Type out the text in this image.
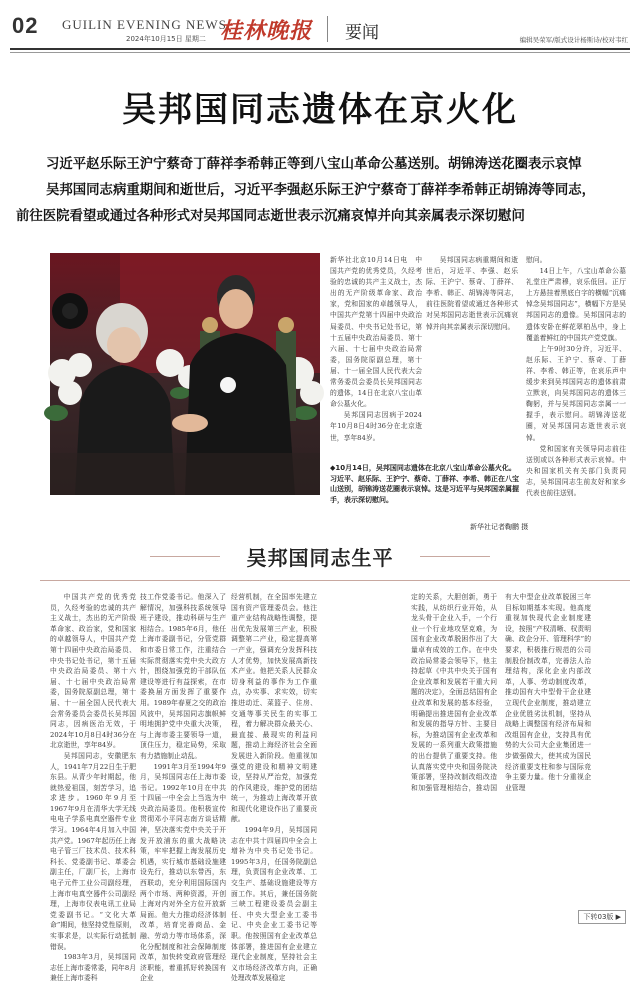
02 GUILIN EVENING NEWS
2024年10月15日 星期二 桂林晚报 要闻	编辑吴荣军/版式设计杨斯诗/校对韦红
吴邦国同志遗体在京火化
习近平赵乐际王沪宁蔡奇丁薛祥李希韩正等到八宝山革命公墓送别。胡锦涛送花圈表示哀悼
吴邦国同志病重期间和逝世后，习近平李强赵乐际王沪宁蔡奇丁薛祥李希韩正胡锦涛等同志，
前往医院看望或通过各种形式对吴邦国同志逝世表示沉痛哀悼并向其亲属表示深切慰问

新华社北京10月14日电　中国共产党的优秀党员，久经考验的忠诚的共产主义战士，杰出的无产阶级革命家、政治家，党和国家的卓越领导人，中国共产党第十四届中央政治局委员、中央书记处书记，第十五届中央政治局委员、第十六届、十七届中央政治局常委，国务院原副总理，第十届、十一届全国人民代表大会常务委员会委员长吴邦国同志的遗体，14日在北京八宝山革命公墓火化。

吴邦国同志因病于2024年10月8日4时36分在北京逝世，享年84岁。

吴邦国同志病重期间和逝世后，习近平、李强、赵乐际、王沪宁、蔡奇、丁薛祥、李希、韩正、胡锦涛等同志，前往医院看望或通过各种形式对吴邦国同志逝世表示沉痛哀悼并向其亲属表示深切慰问。

慰问。

14日上午，八宝山革命公墓礼堂庄严肃穆，哀乐低回。正厅上方悬挂着黑底白字的横幅“沉痛悼念吴邦国同志”，横幅下方是吴邦国同志的遗像。吴邦国同志的遗体安卧在鲜花翠柏丛中，身上覆盖着鲜红的中国共产党党旗。

上午9时30分许，习近平、赵乐际、王沪宁、蔡奇、丁薛祥、李希、韩正等，在哀乐声中缓步来到吴邦国同志的遗体前肃立默哀，向吴邦国同志的遗体三鞠躬，并与吴邦国同志亲属一一握手，表示慰问。胡锦涛送花圈，对吴邦国同志逝世表示哀悼。

党和国家有关领导同志前往送别或以各种形式表示哀悼。中央和国家机关有关部门负责同志，吴邦国同志生前友好和家乡代表也前往送别。

◆10月14日，吴邦国同志遗体在北京八宝山革命公墓火化。习近平、赵乐际、王沪宁、蔡奇、丁薛祥、李希、韩正在八宝山送别，胡锦涛送花圈表示哀悼。这是习近平与吴邦国亲属握手，表示深切慰问。
新华社记者鞠鹏 摄
吴邦国同志生平

中国共产党的优秀党员，久经考验的忠诚的共产主义战士，杰出的无产阶级革命家、政治家，党和国家的卓越领导人，中国共产党第十四届中央政治局委员、中央书记处书记，第十五届中央政治局委员、第十六届、十七届中央政治局常委，国务院原副总理，第十届、十一届全国人民代表大会常务委员会委员长吴邦国同志，因病医治无效，于2024年10月8日4时36分在北京逝世，享年84岁。

吴邦国同志，安徽肥东人，1941年7月22日生于肥东县。从青少年时期起，他就热爱祖国，刻苦学习，追求进步。1960年9月至1967年9月在清华大学无线电电子学系电真空器件专业学习。1964年4月加入中国共产党。1967年起历任上海电子管三厂技术员、技术科科长、党委副书记、革委会副主任，厂副厂长，上海市电子元件工业公司副经理，上海市电真空器件公司副经理，上海市仪表电讯工业局党委副书记。“文化大革命”期间，他坚持党性原则，实事求是，以实际行动抵制错误。

1983年3月，吴邦国同志任上海市委常委，同年8月兼任上海市委科

技工作党委书记。他深入了解情况，加强科技系统领导班子建设，推动科研与生产相结合。1985年6月，他任上海市委副书记，分管党群和市委日常工作，注重结合实际贯彻落实党中央大政方针，围绕加强党的干部队伍建设等进行有益探索，在市委换届方面发挥了重要作用。1989年春夏之交的政治风波中，吴邦国同志旗帜鲜明地拥护党中央重大决策，与上海市委主要领导一道，顶住压力，稳定局势，采取有力措施制止动乱。

1991年3月至1994年9月，吴邦国同志任上海市委书记。1992年10月在中共十四届一中全会上当选为中央政治局委员。他积极宣传贯彻邓小平同志南方谈话精神，坚决落实党中央关于开发开放浦东的重大战略决策，牢牢把握上海发展历史机遇，实行城市基础设施建设先行，推动以东带西，东西联动，充分利用国际国内两个市场、两种资源，开创上海对内对外全方位开放新局面。他大力推动经济体制改革，培育完善商品、金融、劳动力等市场体系，深化分配制度和社会保障制度改革，加快转变政府管理经济职能，着重抓好转换国有企业

经营机制，在全国率先建立国有资产管理委员会。他注重产业结构战略性调整，提出优先发展第三产业，积极调整第二产业，稳定提高第一产业，强调充分发挥科技人才优势，加快发展高新技术产业。他把关系人民群众切身利益的事作为工作重点，办实事、求实效，切实推进动迁、菜篮子、住房、交通等事关民生的实事工程，着力解决群众最关心、最直接、最现实的利益问题，推动上海经济社会全面发展进入新阶段。他重视加强党的建设和精神文明建设，坚持从严治党，加强党的作风建设，维护党的团结统一，为推动上海改革开放和现代化建设作出了重要贡献。

1994年9月，吴邦国同志在中共十四届四中全会上增补为中央书记处书记。1995年3月，任国务院副总理，负责国有企业改革、工交生产、基础设施建设等方面工作。其后，兼任国务院三峡工程建设委员会副主任、中央大型企业工委书记、中央企业工委书记等职。他按照国有企业改革总体部署，推进国有企业建立现代企业制度，坚持社会主义市场经济改革方向，正确处理改革发展稳定

定的关系，大胆创新，勇于实践，从纺织行业开始，从龙头骨干企业入手，一个行业一个行业地攻坚克难，为国有企业改革脱困作出了大量卓有成效的工作。在中央政治局常委会领导下，他主持起草《中共中央关于国有企业改革和发展若干重大问题的决定》，全面总结国有企业改革和发展的基本经验，明确提出推进国有企业改革和发展的指导方针、主要目标，为推动国有企业改革和发展的一系列重大政策措施的出台提供了重要支持。他认真落实党中央和国务院决策部署，坚持改制改组改造和加强管理相结合，推动国有大中型企业改革脱困三年目标如期基本实现。他高度重视加快现代企业制度建设，按照“产权清晰、权责明确、政企分开、管理科学”的要求，积极推行规范的公司制股份制改革，完善法人治理结构，深化企业内部改革，人事、劳动制度改革，推动国有大中型骨干企业建立现代企业制度，推动建立企业优胜劣汰机制，坚持从战略上调整国有经济布局和改组国有企业，支持具有优势的大公司大企业集团进一步做强做大，使其成为国民经济重要支柱和参与国际竞争主要力量。他十分重视企业管理

下转03版 ▶
